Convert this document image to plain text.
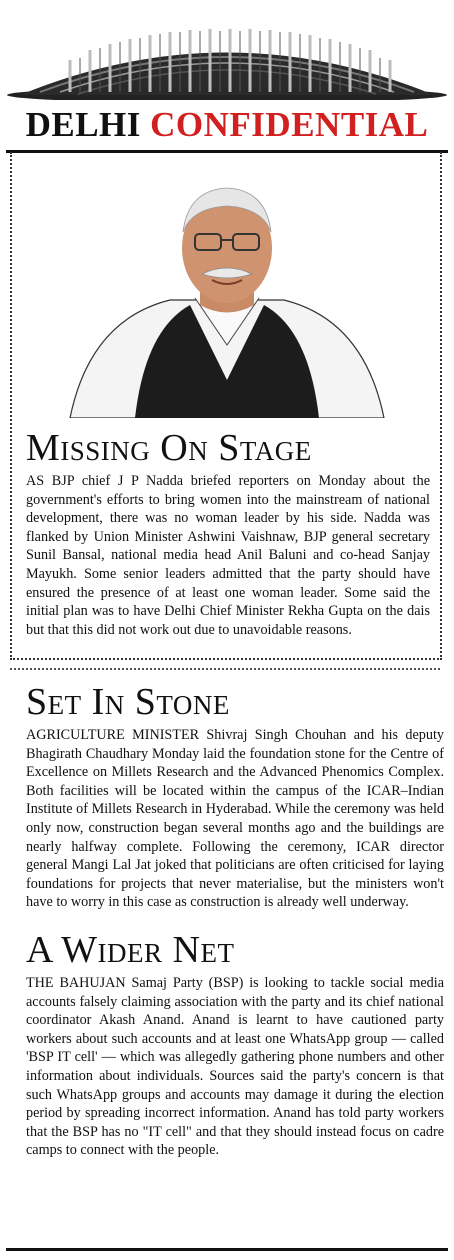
DELHI CONFIDENTIAL
Missing On Stage

AS BJP chief J P Nadda briefed reporters on Monday about the government's efforts to bring women into the mainstream of national development, there was no woman leader by his side. Nadda was flanked by Union Minister Ashwini Vaishnaw, BJP general secretary Sunil Bansal, national media head Anil Baluni and co-head Sanjay Mayukh. Some senior leaders admitted that the party should have ensured the presence of at least one woman leader. Some said the initial plan was to have Delhi Chief Minister Rekha Gupta on the dais but that this did not work out due to unavoidable reasons.

Set In Stone

AGRICULTURE MINISTER Shivraj Singh Chouhan and his deputy Bhagirath Chaudhary Monday laid the foundation stone for the Centre of Excellence on Millets Research and the Advanced Phenomics Complex. Both facilities will be located within the campus of the ICAR–Indian Institute of Millets Research in Hyderabad. While the ceremony was held only now, construction began several months ago and the buildings are nearly halfway complete. Following the ceremony, ICAR director general Mangi Lal Jat joked that politicians are often criticised for laying foundations for projects that never materialise, but the ministers won't have to worry in this case as construction is already well underway.

A Wider Net

THE BAHUJAN Samaj Party (BSP) is looking to tackle social media accounts falsely claiming association with the party and its chief national coordinator Akash Anand. Anand is learnt to have cautioned party workers about such accounts and at least one WhatsApp group — called 'BSP IT cell' — which was allegedly gathering phone numbers and other information about individuals. Sources said the party's concern is that such WhatsApp groups and accounts may damage it during the election period by spreading incorrect information. Anand has told party workers that the BSP has no "IT cell" and that they should instead focus on cadre camps to connect with the people.
